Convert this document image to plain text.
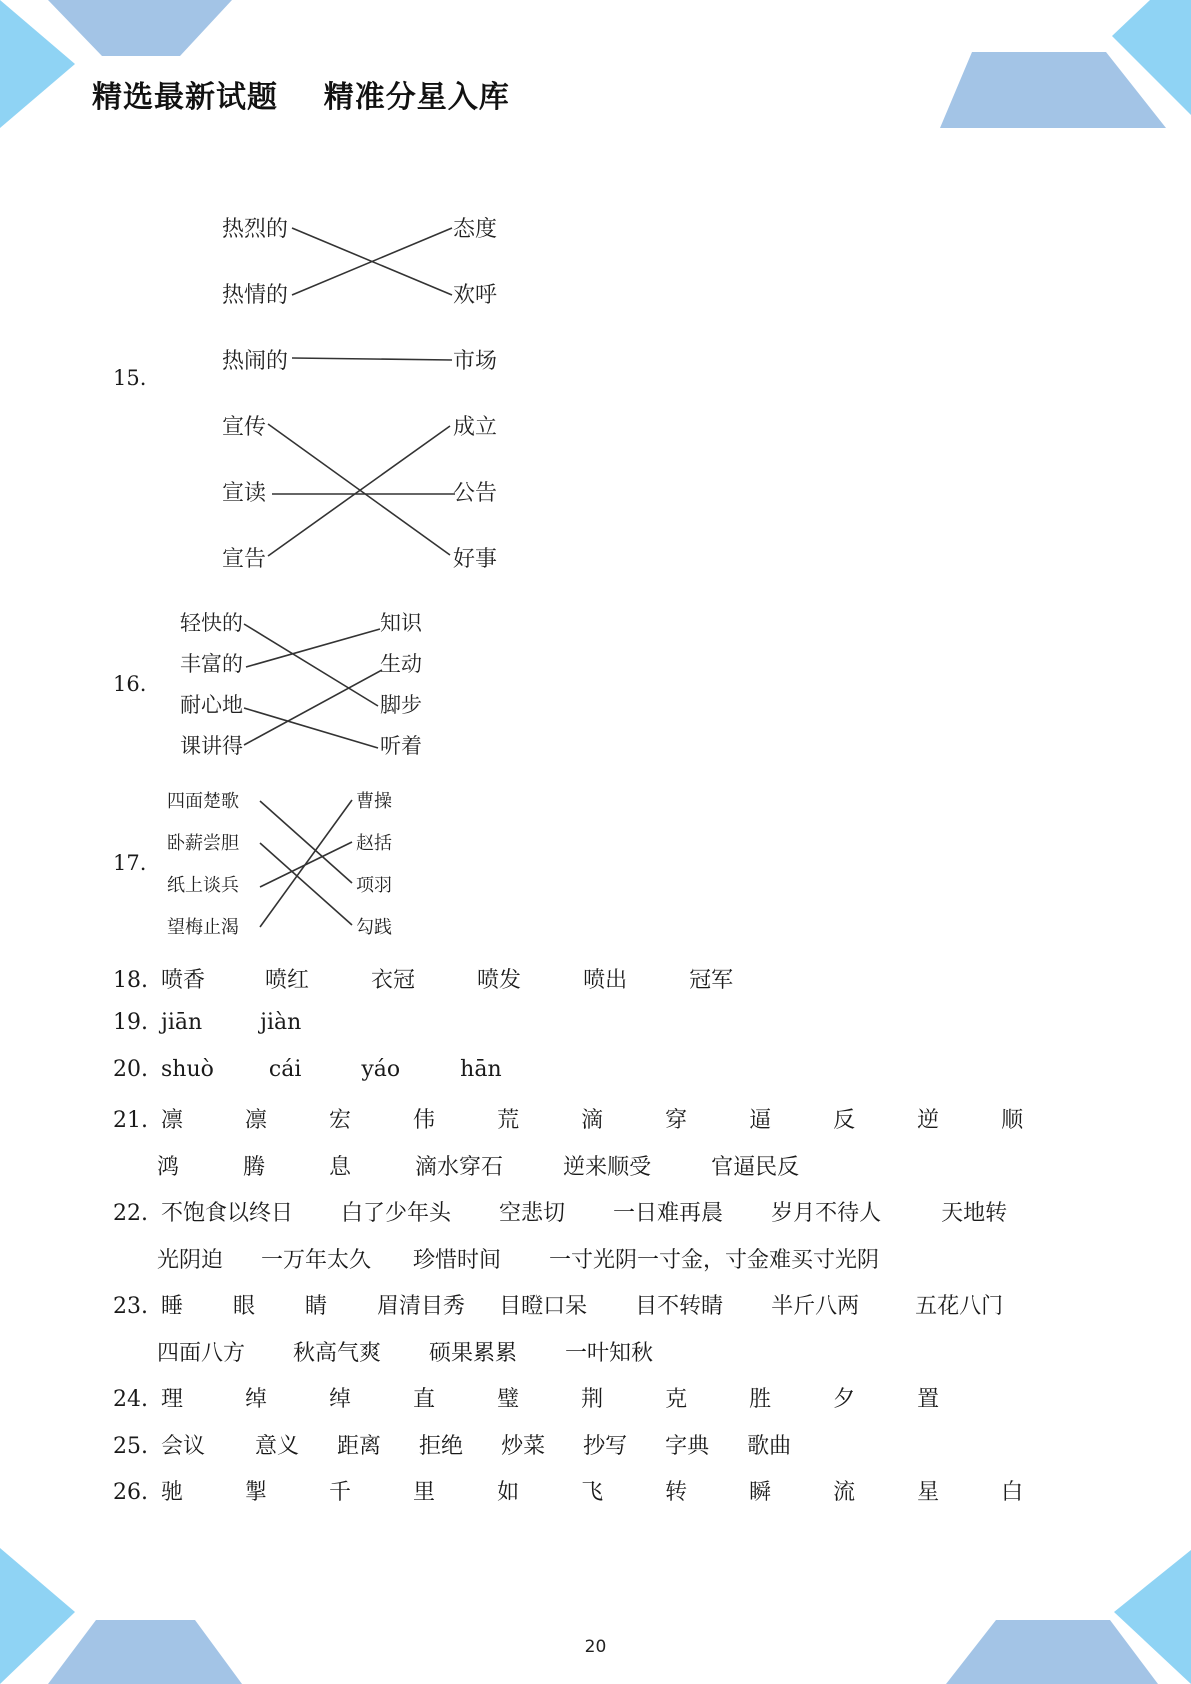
精选最新试题    精准分星入库
15.
热烈的
热情的
热闹的
态度
欢呼
市场
宣传
宣读
宣告
成立
公告
好事
16.
轻快的
丰富的
耐心地
课讲得
知识
生动
脚步
听着
17.
四面楚歌
卧薪尝胆
纸上谈兵
望梅止渴
曹操
赵括
项羽
勾践
18. 喷香	喷红	衣冠	喷发	喷出	冠军
19. jiān	jiàn
20. shuò	cái	yáo	hān
21. 凛	凛	宏	伟	荒	滴	穿	逼	反	逆	顺
鸿	腾	息	滴水穿石	逆来顺受	官逼民反
22. 不饱食以终日 白了少年头 空悲切 一日难再晨 岁月不待人	天地转
光阴迫 一万年太久 珍惜时间 一寸光阴一寸金，寸金难买寸光阴
23. 睡 眼 睛 眉清目秀 目瞪口呆 目不转睛 半斤八两	五花八门
四面八方 秋高气爽 硕果累累 一叶知秋
24. 理	绰	绰	直	璧	荆	克	胜	夕	置
25. 会议 意义 距离 拒绝 炒菜 抄写 字典 歌曲
26. 驰	掣	千	里	如	飞	转	瞬	流	星	白
20
